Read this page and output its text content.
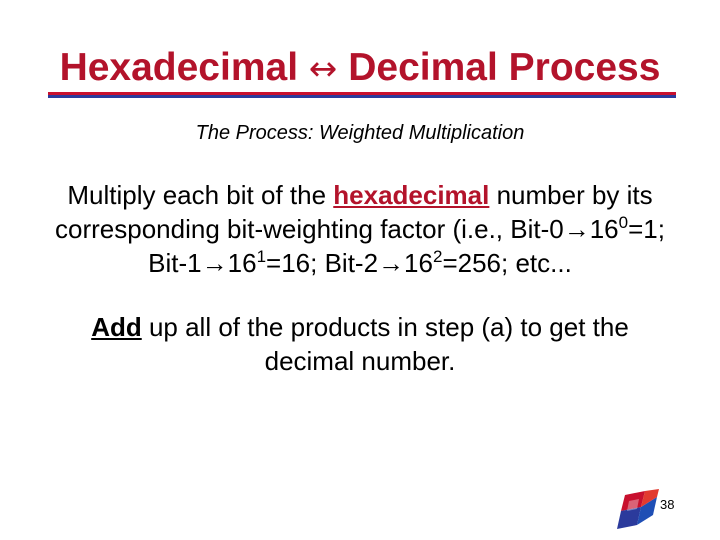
Hexadecimal ↔ Decimal Process
The Process: Weighted Multiplication
Multiply each bit of the hexadecimal number by its
corresponding bit-weighting factor (i.e., Bit-$0\to 16^0=1$;
Bit-$1\to 16^1=16$; Bit-$2\to 16^2=256$; etc...
Add up all of the products in step (a) to get the
decimal number.
38
